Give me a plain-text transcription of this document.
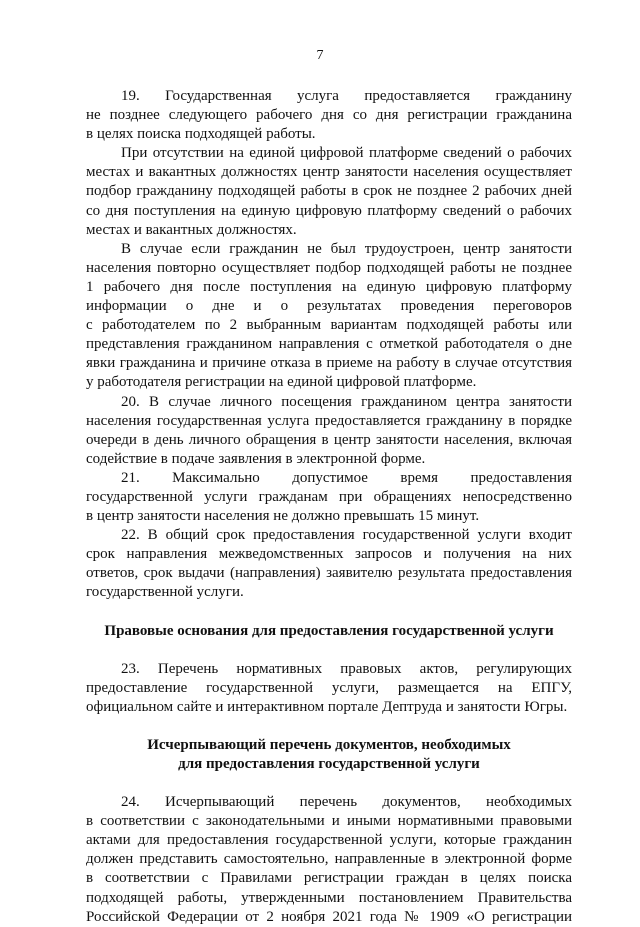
7
19. Государственная услуга предоставляется гражданину
не позднее следующего рабочего дня со дня регистрации гражданина
в целях поиска подходящей работы.
При отсутствии на единой цифровой платформе сведений о рабочих
местах и вакантных должностях центр занятости населения осуществляет
подбор гражданину подходящей работы в срок не позднее 2 рабочих дней
со дня поступления на единую цифровую платформу сведений о рабочих
местах и вакантных должностях.
В случае если гражданин не был трудоустроен, центр занятости
населения повторно осуществляет подбор подходящей работы не позднее
1 рабочего дня после поступления на единую цифровую платформу
информации о дне и о результатах проведения переговоров
с работодателем по 2 выбранным вариантам подходящей работы или
представления гражданином направления с отметкой работодателя о дне
явки гражданина и причине отказа в приеме на работу в случае отсутствия
у работодателя регистрации на единой цифровой платформе.
20. В случае личного посещения гражданином центра занятости
населения государственная услуга предоставляется гражданину в порядке
очереди в день личного обращения в центр занятости населения, включая
содействие в подаче заявления в электронной форме.
21. Максимально допустимое время предоставления
государственной услуги гражданам при обращениях непосредственно
в центр занятости населения не должно превышать 15 минут.
22. В общий срок предоставления государственной услуги входит
срок направления межведомственных запросов и получения на них
ответов, срок выдачи (направления) заявителю результата предоставления
государственной услуги.
Правовые основания для предоставления государственной услуги
23. Перечень нормативных правовых актов, регулирующих
предоставление государственной услуги, размещается на ЕПГУ,
официальном сайте и интерактивном портале Дептруда и занятости Югры.
Исчерпывающий перечень документов, необходимых
для предоставления государственной услуги
24. Исчерпывающий перечень документов, необходимых
в соответствии с законодательными и иными нормативными правовыми
актами для предоставления государственной услуги, которые гражданин
должен представить самостоятельно, направленные в электронной форме
в соответствии с Правилами регистрации граждан в целях поиска
подходящей работы, утвержденными постановлением Правительства
Российской Федерации от 2 ноября 2021 года № 1909 «О регистрации
